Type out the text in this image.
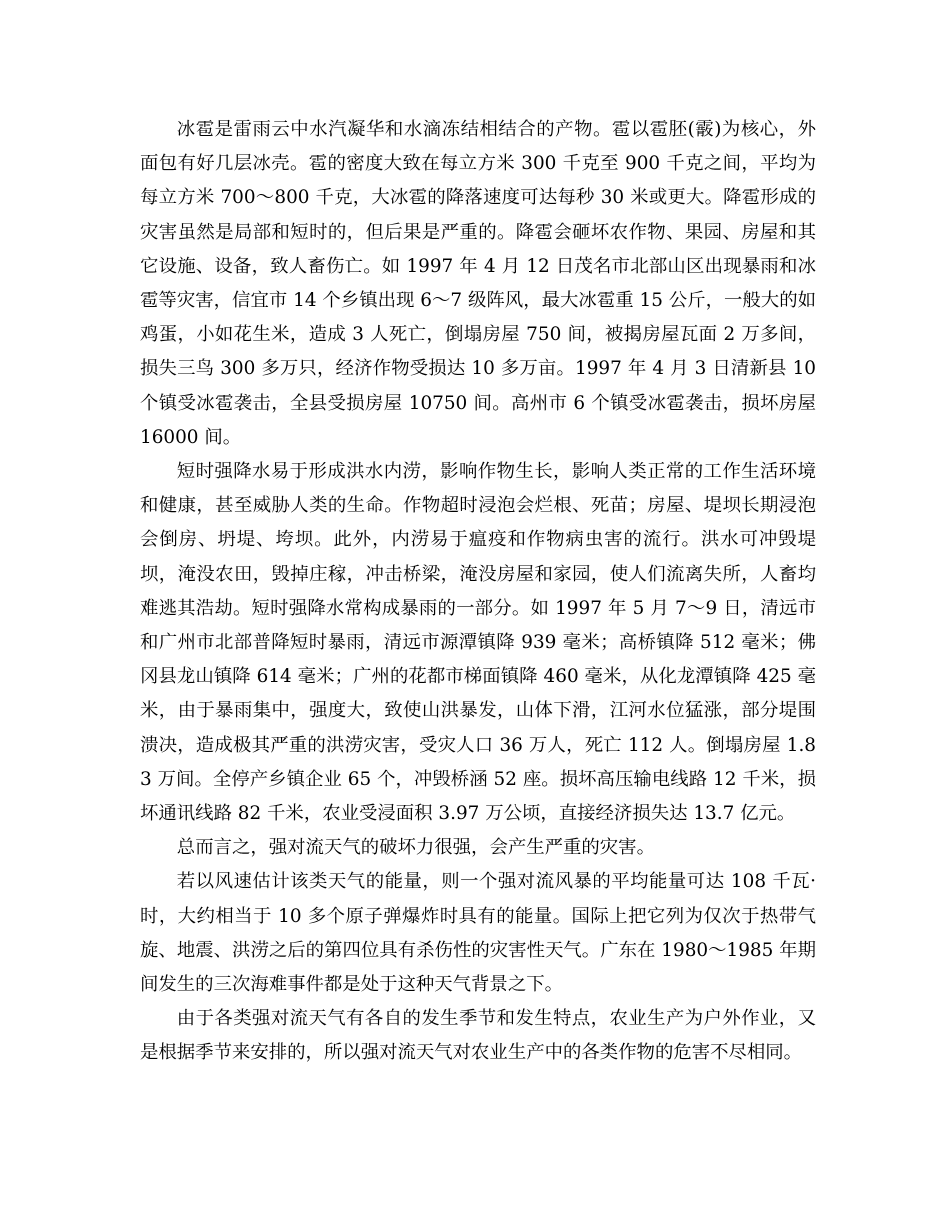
冰雹是雷雨云中水汽凝华和水滴冻结相结合的产物。雹以雹胚(霰)为核心，外面包有好几层冰壳。雹的密度大致在每立方米 300 千克至 900 千克之间，平均为每立方米 700～800 千克，大冰雹的降落速度可达每秒 30 米或更大。降雹形成的灾害虽然是局部和短时的，但后果是严重的。降雹会砸坏农作物、果园、房屋和其它设施、设备，致人畜伤亡。如 1997 年 4 月 12 日茂名市北部山区出现暴雨和冰雹等灾害，信宜市 14 个乡镇出现 6～7 级阵风，最大冰雹重 15 公斤，一般大的如鸡蛋，小如花生米，造成 3 人死亡，倒塌房屋 750 间，被揭房屋瓦面 2 万多间，损失三鸟 300 多万只，经济作物受损达 10 多万亩。1997 年 4 月 3 日清新县 10 个镇受冰雹袭击，全县受损房屋 10750 间。高州市 6 个镇受冰雹袭击，损坏房屋 16000 间。

短时强降水易于形成洪水内涝，影响作物生长，影响人类正常的工作生活环境和健康，甚至威胁人类的生命。作物超时浸泡会烂根、死苗；房屋、堤坝长期浸泡会倒房、坍堤、垮坝。此外，内涝易于瘟疫和作物病虫害的流行。洪水可冲毁堤坝，淹没农田，毁掉庄稼，冲击桥梁，淹没房屋和家园，使人们流离失所，人畜均难逃其浩劫。短时强降水常构成暴雨的一部分。如 1997 年 5 月 7～9 日，清远市和广州市北部普降短时暴雨，清远市源潭镇降 939 毫米；高桥镇降 512 毫米；佛冈县龙山镇降 614 毫米；广州的花都市梯面镇降 460 毫米，从化龙潭镇降 425 毫米，由于暴雨集中，强度大，致使山洪暴发，山体下滑，江河水位猛涨，部分堤围溃决，造成极其严重的洪涝灾害，受灾人口 36 万人，死亡 112 人。倒塌房屋 1.83 万间。全停产乡镇企业 65 个，冲毁桥涵 52 座。损坏高压输电线路 12 千米，损坏通讯线路 82 千米，农业受浸面积 3.97 万公顷，直接经济损失达 13.7 亿元。

总而言之，强对流天气的破坏力很强，会产生严重的灾害。

若以风速估计该类天气的能量，则一个强对流风暴的平均能量可达 108 千瓦·时，大约相当于 10 多个原子弹爆炸时具有的能量。国际上把它列为仅次于热带气旋、地震、洪涝之后的第四位具有杀伤性的灾害性天气。广东在 1980～1985 年期间发生的三次海难事件都是处于这种天气背景之下。

由于各类强对流天气有各自的发生季节和发生特点，农业生产为户外作业，又是根据季节来安排的，所以强对流天气对农业生产中的各类作物的危害不尽相同。
